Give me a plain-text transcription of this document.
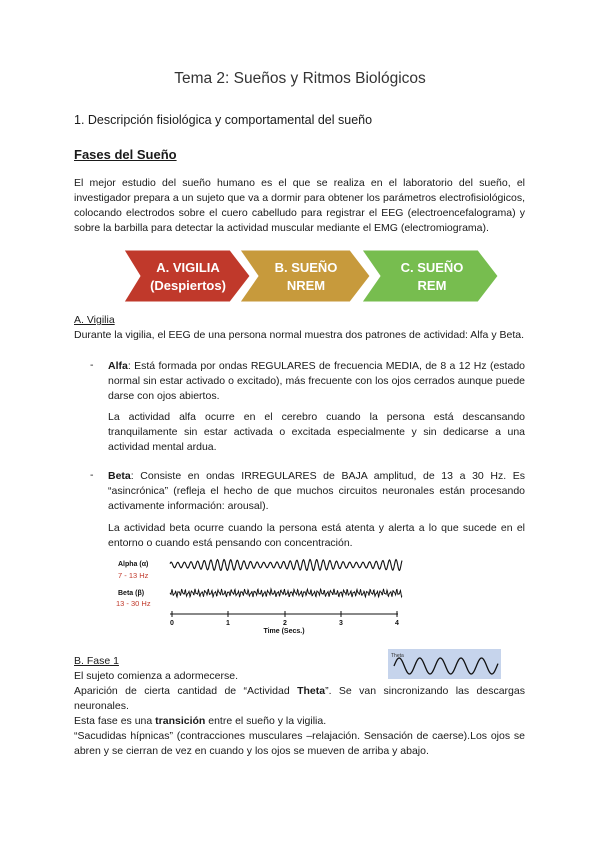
Tema 2: Sueños y Ritmos Biológicos
1. Descripción fisiológica y comportamental del sueño
Fases del Sueño
El mejor estudio del sueño humano es el que se realiza en el laboratorio del sueño, el investigador prepara a un sujeto que va a dormir para obtener los parámetros electrofisiológicos, colocando electrodos sobre el cuero cabelludo para registrar el EEG (electroencefalograma) y sobre la barbilla para detectar la actividad muscular mediante el EMG (electromiograma).
A. VIGILIA
(Despiertos)
B. SUEÑO
NREM
C. SUEÑO
REM
A. Vigilia
Durante la vigilia, el EEG de una persona normal muestra dos patrones de actividad: Alfa y Beta.
- Alfa: Está formada por ondas REGULARES de frecuencia MEDIA, de 8 a 12 Hz (estado normal sin estar activado o excitado), más frecuente con los ojos cerrados aunque puede darse con ojos abiertos.
La actividad alfa ocurre en el cerebro cuando la persona está descansando tranquilamente sin estar activada o excitada especialmente y sin dedicarse a una actividad mental ardua.
- Beta: Consiste en ondas IRREGULARES de BAJA amplitud, de 13 a 30 Hz. Es “asincrónica” (refleja el hecho de que muchos circuitos neuronales están procesando activamente información: arousal).
La actividad beta ocurre cuando la persona está atenta y alerta a lo que sucede en el entorno o cuando está pensando con concentración.
Alpha (α)
7 - 13 Hz
Beta (β)
13 - 30 Hz
0	1	2	3	4
Time (Secs.)
B. Fase 1	Theta
El sujeto comienza a adormecerse.
Aparición de cierta cantidad de “Actividad Theta”. Se van sincronizando las descargas neuronales.
Esta fase es una transición entre el sueño y la vigilia.
“Sacudidas hípnicas” (contracciones musculares –relajación. Sensación de caerse).Los ojos se abren y se cierran de vez en cuando y los ojos se mueven de arriba y abajo.
